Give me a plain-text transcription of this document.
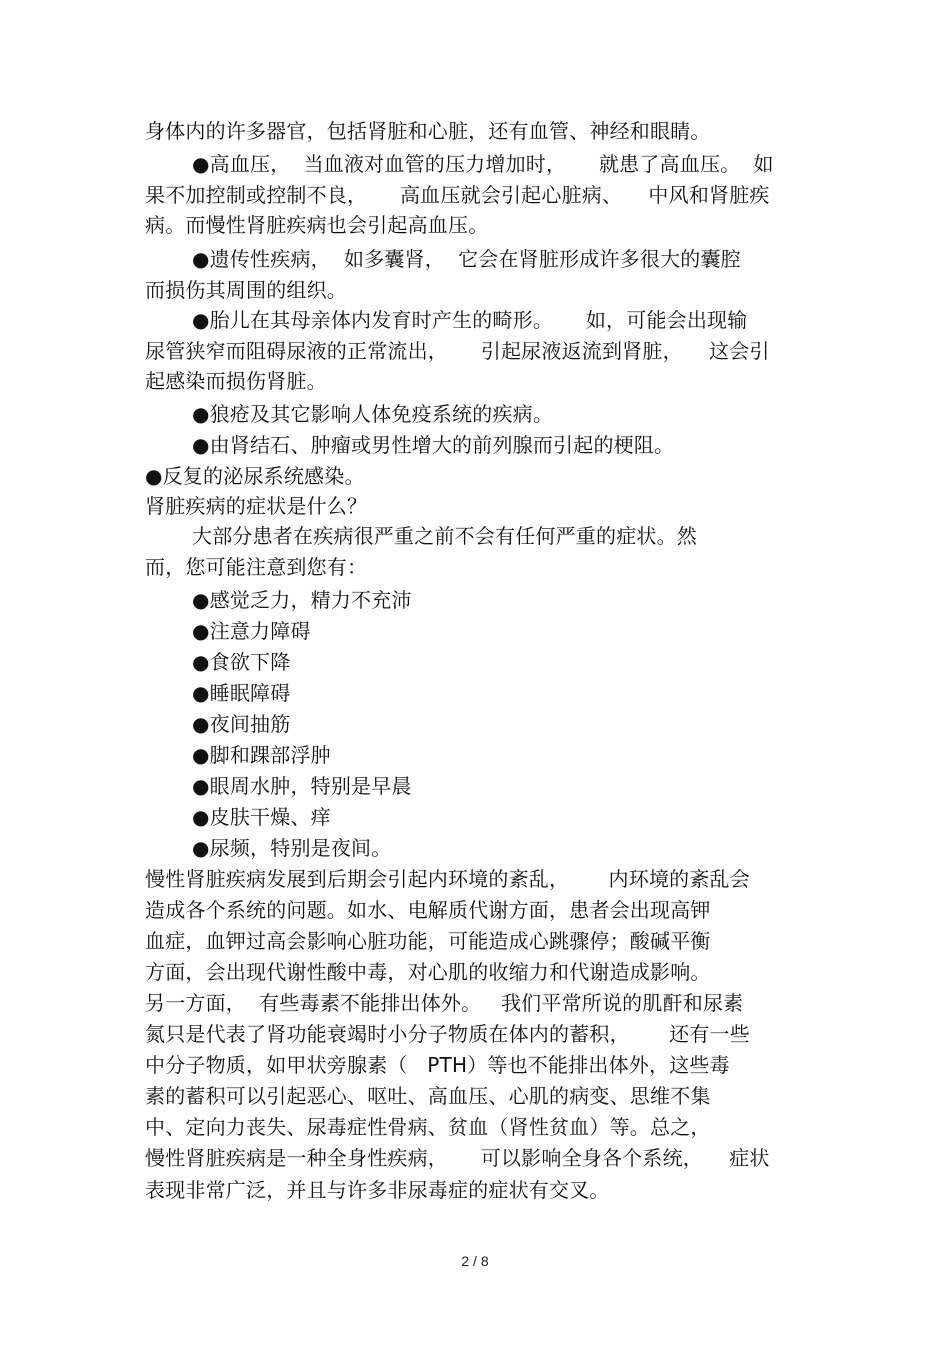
身体内的许多器官，包括肾脏和心脏，还有血管、神经和眼睛。
●高血压，  当血液对血管的压力增加时，     就患了高血压。  如
果不加控制或控制不良，     高血压就会引起心脏病、    中风和肾脏疾
病。而慢性肾脏疾病也会引起高血压。
●遗传性疾病，  如多囊肾，  它会在肾脏形成许多很大的囊腔
而损伤其周围的组织。
●胎儿在其母亲体内发育时产生的畸形。     如，可能会出现输
尿管狭窄而阻碍尿液的正常流出，     引起尿液返流到肾脏，    这会引
起感染而损伤肾脏。
●狼疮及其它影响人体免疫系统的疾病。
●由肾结石、肿瘤或男性增大的前列腺而引起的梗阻。
●反复的泌尿系统感染。
肾脏疾病的症状是什么？
大部分患者在疾病很严重之前不会有任何严重的症状。然
而，您可能注意到您有：
●感觉乏力，精力不充沛
●注意力障碍
●食欲下降
●睡眠障碍
●夜间抽筋
●脚和踝部浮肿
●眼周水肿，特别是早晨
●皮肤干燥、痒
●尿频，特别是夜间。
慢性肾脏疾病发展到后期会引起内环境的紊乱，      内环境的紊乱会
造成各个系统的问题。如水、电解质代谢方面，患者会出现高钾
血症，血钾过高会影响心脏功能，可能造成心跳骤停；酸碱平衡
方面，会出现代谢性酸中毒，对心肌的收缩力和代谢造成影响。
另一方面，  有些毒素不能排出体外。   我们平常所说的肌酐和尿素
氮只是代表了肾功能衰竭时小分子物质在体内的蓄积，      还有一些
中分子物质，如甲状旁腺素（   PTH）等也不能排出体外，这些毒
素的蓄积可以引起恶心、呕吐、高血压、心肌的病变、思维不集
中、定向力丧失、尿毒症性骨病、贫血（肾性贫血）等。总之，
慢性肾脏疾病是一种全身性疾病，     可以影响全身各个系统，    症状
表现非常广泛，并且与许多非尿毒症的症状有交叉。
2 / 8
